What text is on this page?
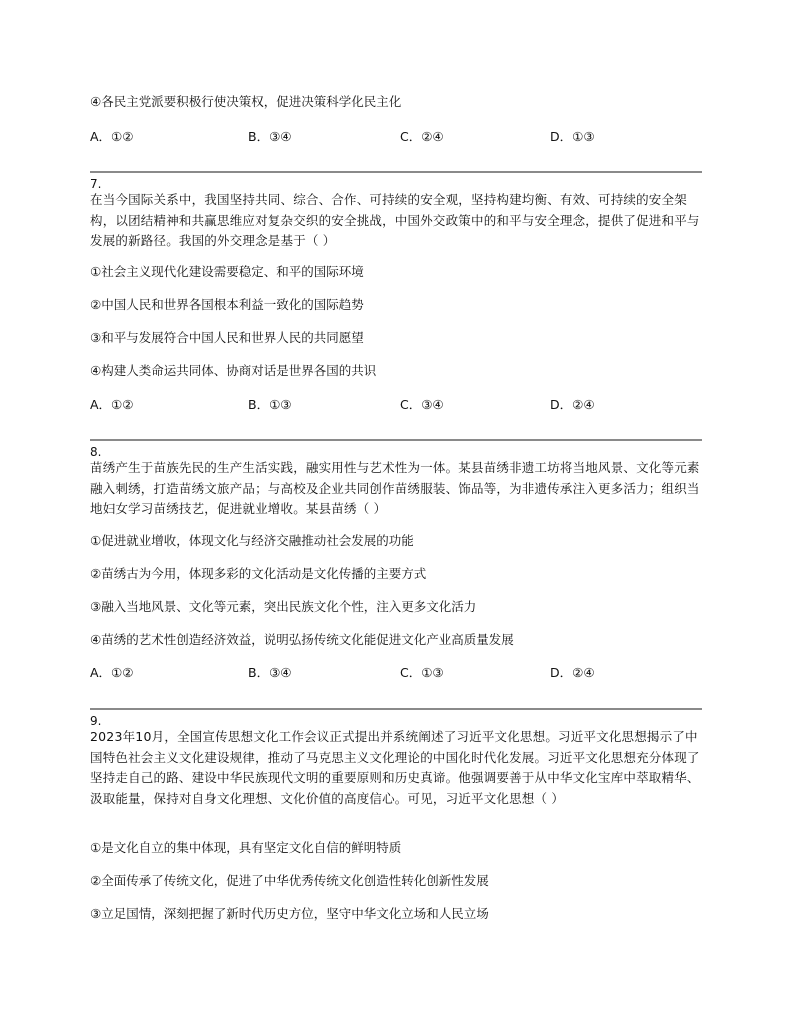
④各民主党派要积极行使决策权，促进决策科学化民主化
A．①②	B．③④	C．②④	D．①③
7.
在当今国际关系中，我国坚持共同、综合、合作、可持续的安全观，坚持构建均衡、有效、可持续的安全架构，以团结精神和共赢思维应对复杂交织的安全挑战，中国外交政策中的和平与安全理念，提供了促进和平与发展的新路径。我国的外交理念是基于（ ）
①社会主义现代化建设需要稳定、和平的国际环境
②中国人民和世界各国根本利益一致化的国际趋势
③和平与发展符合中国人民和世界人民的共同愿望
④构建人类命运共同体、协商对话是世界各国的共识
A．①②	B．①③	C．③④	D．②④
8.
苗绣产生于苗族先民的生产生活实践，融实用性与艺术性为一体。某县苗绣非遗工坊将当地风景、文化等元素融入刺绣，打造苗绣文旅产品；与高校及企业共同创作苗绣服装、饰品等，为非遗传承注入更多活力；组织当地妇女学习苗绣技艺，促进就业增收。某县苗绣（ ）
①促进就业增收，体现文化与经济交融推动社会发展的功能
②苗绣古为今用，体现多彩的文化活动是文化传播的主要方式
③融入当地风景、文化等元素，突出民族文化个性，注入更多文化活力
④苗绣的艺术性创造经济效益，说明弘扬传统文化能促进文化产业高质量发展
A．①②	B．③④	C．①③	D．②④
9.
2023年10月，全国宣传思想文化工作会议正式提出并系统阐述了习近平文化思想。习近平文化思想揭示了中国特色社会主义文化建设规律，推动了马克思主义文化理论的中国化时代化发展。习近平文化思想充分体现了坚持走自己的路、建设中华民族现代文明的重要原则和历史真谛。他强调要善于从中华文化宝库中萃取精华、汲取能量，保持对自身文化理想、文化价值的高度信心。可见，习近平文化思想（ ）
①是文化自立的集中体现，具有坚定文化自信的鲜明特质
②全面传承了传统文化，促进了中华优秀传统文化创造性转化创新性发展
③立足国情，深刻把握了新时代历史方位，坚守中华文化立场和人民立场
